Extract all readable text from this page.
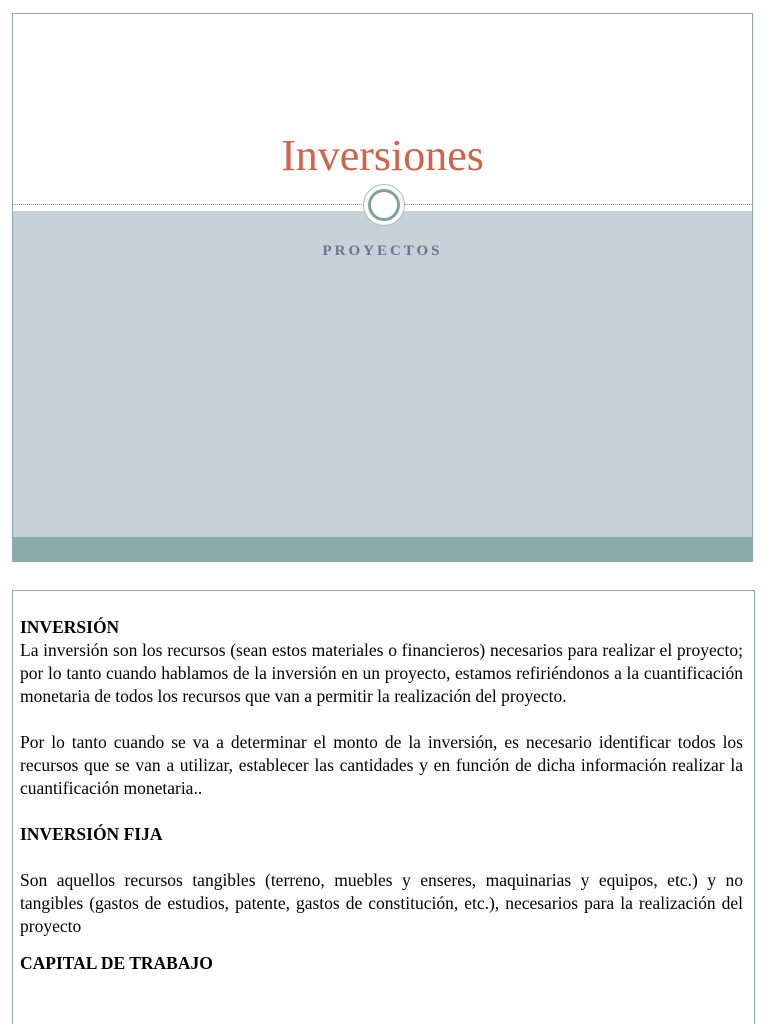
Inversiones
PROYECTOS

INVERSIÓN

La inversión son los recursos (sean estos materiales o financieros) necesarios para realizar el proyecto; por lo tanto cuando hablamos de la inversión en un proyecto, estamos refiriéndonos a la cuantificación monetaria de todos los recursos que van a permitir la realización del proyecto.

Por lo tanto cuando se va a determinar el monto de la inversión, es necesario identificar todos los recursos que se van a utilizar, establecer las cantidades y en función de dicha información realizar la cuantificación monetaria..

INVERSIÓN FIJA

Son aquellos recursos tangibles (terreno, muebles y enseres, maquinarias y equipos, etc.) y no tangibles (gastos de estudios, patente, gastos de constitución, etc.), necesarios para la realización del proyecto

CAPITAL DE TRABAJO
